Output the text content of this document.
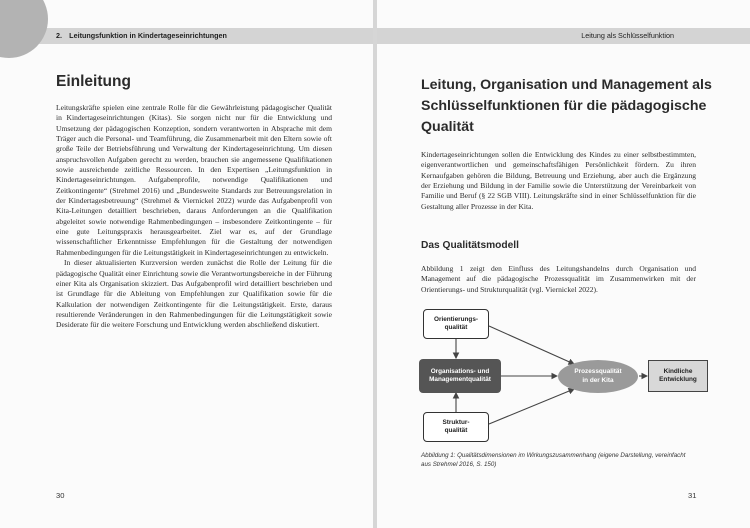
2. Leitungsfunktion in Kindertageseinrichtungen
Einleitung

Leitungskräfte spielen eine zentrale Rolle für die Gewährleistung pädagogischer Qualität in Kindertageseinrichtungen (Kitas). Sie sorgen nicht nur für die Entwicklung und Umsetzung der pädagogischen Konzeption, sondern verantworten in Absprache mit dem Träger auch die Personal- und Teamführung, die Zusammenarbeit mit den Eltern sowie oft große Teile der Betriebsführung und Verwaltung der Kindertageseinrichtung. Um diesen anspruchsvollen Aufgaben gerecht zu werden, brauchen sie angemessene Qualifikationen sowie ausreichende zeitliche Ressourcen. In den Expertisen „Leitungsfunktion in Kindertageseinrichtungen. Aufgabenprofile, notwendige Qualifikationen und Zeitkontingente“ (Strehmel 2016) und „Bundesweite Standards zur Betreuungsrelation in der Kindertagesbetreuung“ (Strehmel & Viernickel 2022) wurde das Aufgabenprofil von Kita-Leitungen detailliert beschrieben, daraus Anforderungen an die Qualifikation abgeleitet sowie notwendige Rahmenbedingungen – insbesondere Zeitkontingente – für eine gute Leitungspraxis herausgearbeitet. Ziel war es, auf der Grundlage wissenschaftlicher Erkenntnisse Empfehlungen für die Gestaltung der notwendigen Rahmenbedingungen für die Leitungstätigkeit in Kindertageseinrichtungen zu entwickeln.

In dieser aktualisierten Kurzversion werden zunächst die Rolle der Leitung für die pädagogische Qualität einer Einrichtung sowie die Verantwortungsbereiche in der Führung einer Kita als Organisation skizziert. Das Aufgabenprofil wird detailliert beschrieben und ist Grundlage für die Ableitung von Empfehlungen zur Qualifikation sowie für die Kalkulation der notwendigen Zeitkontingente für die Leitungstätigkeit. Erste, daraus resultierende Veränderungen in den Rahmenbedingungen für die Leitungstätigkeit sowie Desiderate für die weitere Forschung und Entwicklung werden abschließend diskutiert.

30
Leitung als Schlüsselfunktion
Leitung, Organisation und Management als Schlüsselfunktionen für die pädagogische Qualität

Kindertageseinrichtungen sollen die Entwicklung des Kindes zu einer selbstbestimmten, eigenverantwortlichen und gemeinschaftsfähigen Persönlichkeit fördern. Zu ihren Kernaufgaben gehören die Bildung, Betreuung und Erziehung, aber auch die Ergänzung der Erziehung und Bildung in der Familie sowie die Unterstützung der Vereinbarkeit von Familie und Beruf (§ 22 SGB VIII). Leitungskräfte sind in einer Schlüsselfunktion für die Gestaltung aller Prozesse in der Kita.

Das Qualitätsmodell

Abbildung 1 zeigt den Einfluss des Leitungshandelns durch Organisation und Management auf die pädagogische Prozessqualität im Zusammenwirken mit der Orientierungs- und Strukturqualität (vgl. Viernickel 2022).

Orientierungs-
qualität
Organisations- und
Managementqualität
Prozessqualität
in der Kita
Kindliche
Entwicklung
Struktur-
qualität
Abbildung 1: Qualitätsdimensionen im Wirkungszusammenhang (eigene Darstellung, vereinfacht aus Strehmel 2016, S. 150)
31
